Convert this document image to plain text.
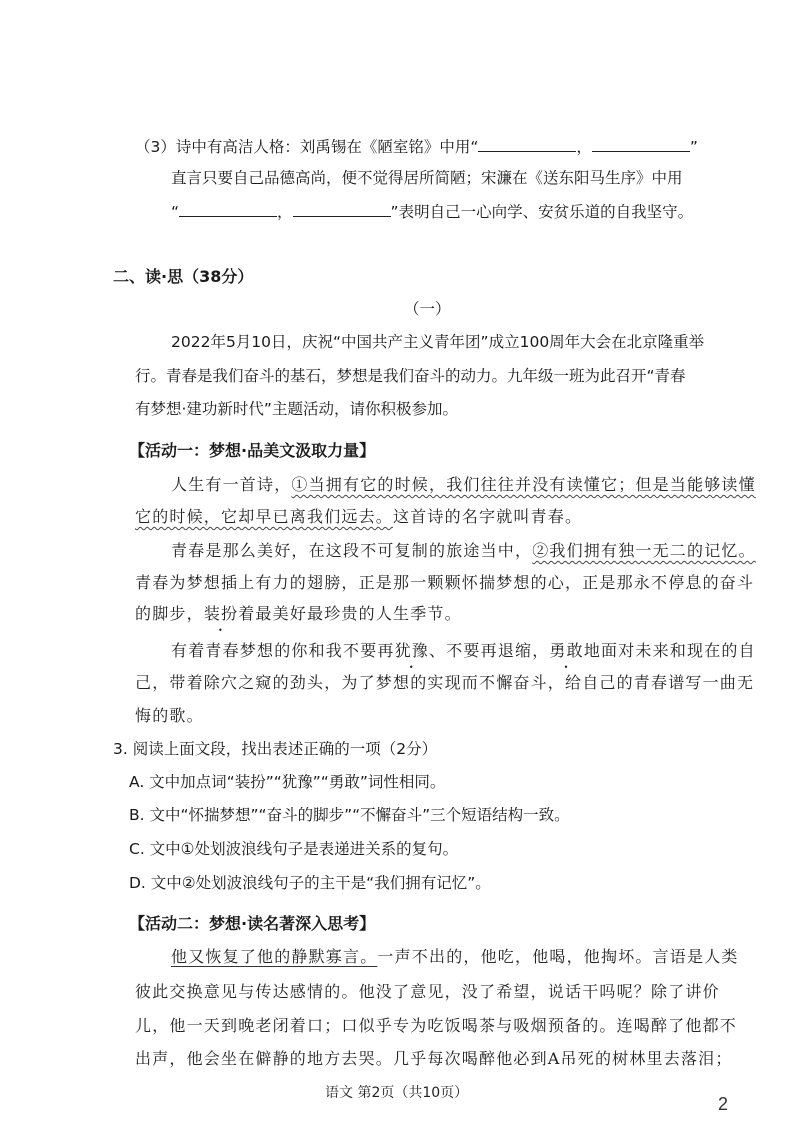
（3）诗中有高洁人格：刘禹锡在《陋室铭》中用“	，	”
直言只要自己品德高尚，便不觉得居所简陋；宋濂在《送东阳马生序》中用
“	，	”表明自己一心向学、安贫乐道的自我坚守。
二、读·思（38分）
（一）
2022年5月10日，庆祝“中国共产主义青年团”成立100周年大会在北京隆重举
行。青春是我们奋斗的基石，梦想是我们奋斗的动力。九年级一班为此召开“青春
有梦想·建功新时代”主题活动，请你积极参加。
【活动一：梦想·品美文汲取力量】
人生有一首诗，①当拥有它的时候，我们往往并没有读懂它；但是当能够读懂
它的时候，它却早已离我们远去。这首诗的名字就叫青春。
青春是那么美好，在这段不可复制的旅途当中，②我们拥有独一无二的记忆。
青春为梦想插上有力的翅膀，正是那一颗颗怀揣梦想的心，正是那永不停息的奋斗
的脚步，装扮着最美好最珍贵的人生季节。
有着青春梦想的你和我不要再犹豫、不要再退缩，勇敢地面对未来和现在的自
己，带着除穴之窥的劲头，为了梦想的实现而不懈奋斗，给自己的青春谱写一曲无
悔的歌。
3. 阅读上面文段，找出表述正确的一项（2分）
A. 文中加点词“装扮”“犹豫”“勇敢”词性相同。
B. 文中“怀揣梦想”“奋斗的脚步”“不懈奋斗”三个短语结构一致。
C. 文中①处划波浪线句子是表递进关系的复句。
D. 文中②处划波浪线句子的主干是“我们拥有记忆”。
【活动二：梦想·读名著深入思考】
他又恢复了他的静默寡言。一声不出的，他吃，他喝，他掏坏。言语是人类
彼此交换意见与传达感情的。他没了意见，没了希望，说话干吗呢？除了讲价
儿，他一天到晚老闭着口；口似乎专为吃饭喝茶与吸烟预备的。连喝醉了他都不
出声，他会坐在僻静的地方去哭。几乎每次喝醉他必到A吊死的树林里去落泪；
语文 第2页（共10页）
2
